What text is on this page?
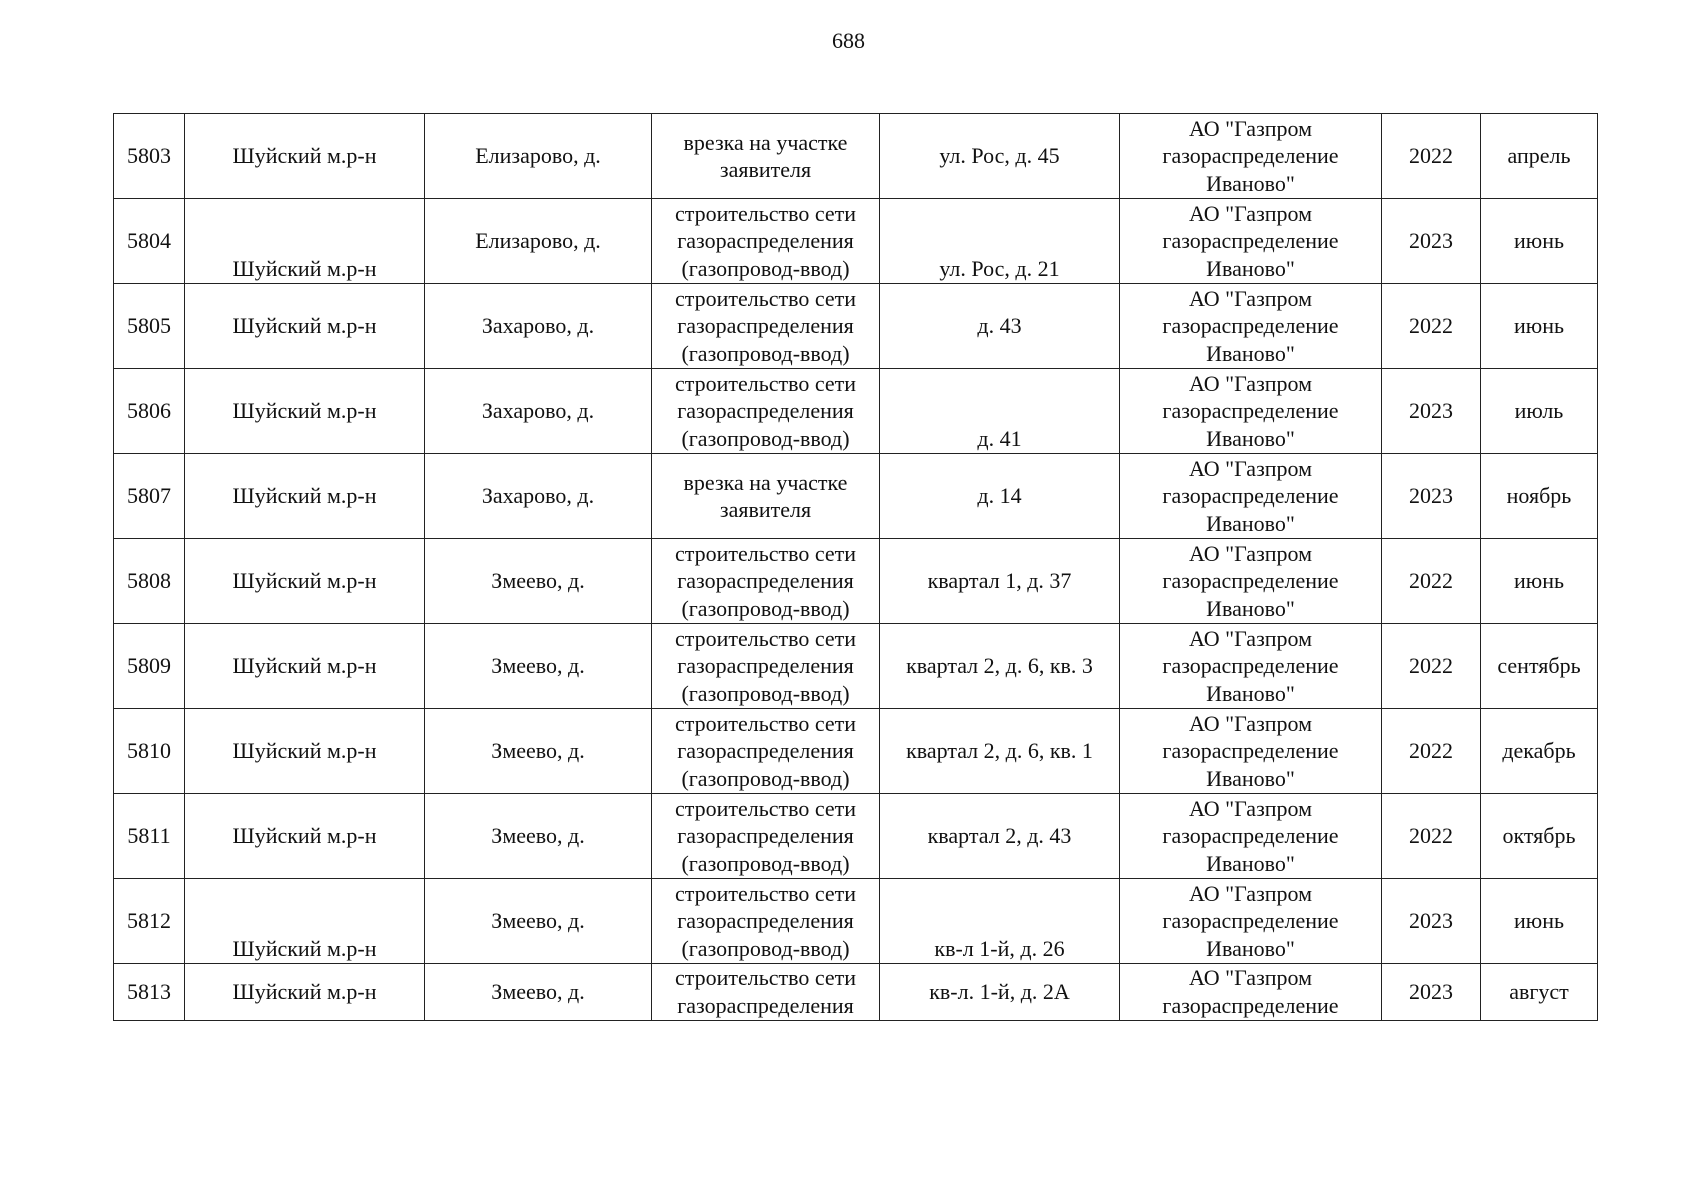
688
5803	Шуйский м.р-н	Елизарово, д.	врезка на участке
заявителя	ул. Рос, д. 45	АО "Газпром
газораспределение
Иваново"	2022	апрель
5804	Шуйский м.р-н	Елизарово, д.	строительство сети
газораспределения
(газопровод-ввод)	ул. Рос, д. 21	АО "Газпром
газораспределение
Иваново"	2023	июнь
5805	Шуйский м.р-н	Захарово, д.	строительство сети
газораспределения
(газопровод-ввод)	д. 43	АО "Газпром
газораспределение
Иваново"	2022	июнь
5806	Шуйский м.р-н	Захарово, д.	строительство сети
газораспределения
(газопровод-ввод)	д. 41	АО "Газпром
газораспределение
Иваново"	2023	июль
5807	Шуйский м.р-н	Захарово, д.	врезка на участке
заявителя	д. 14	АО "Газпром
газораспределение
Иваново"	2023	ноябрь
5808	Шуйский м.р-н	Змеево, д.	строительство сети
газораспределения
(газопровод-ввод)	квартал 1, д. 37	АО "Газпром
газораспределение
Иваново"	2022	июнь
5809	Шуйский м.р-н	Змеево, д.	строительство сети
газораспределения
(газопровод-ввод)	квартал 2, д. 6, кв. 3	АО "Газпром
газораспределение
Иваново"	2022	сентябрь
5810	Шуйский м.р-н	Змеево, д.	строительство сети
газораспределения
(газопровод-ввод)	квартал 2, д. 6, кв. 1	АО "Газпром
газораспределение
Иваново"	2022	декабрь
5811	Шуйский м.р-н	Змеево, д.	строительство сети
газораспределения
(газопровод-ввод)	квартал 2, д. 43	АО "Газпром
газораспределение
Иваново"	2022	октябрь
5812	Шуйский м.р-н	Змеево, д.	строительство сети
газораспределения
(газопровод-ввод)	кв-л 1-й, д. 26	АО "Газпром
газораспределение
Иваново"	2023	июнь
5813	Шуйский м.р-н	Змеево, д.	строительство сети
газораспределения	кв-л. 1-й, д. 2А	АО "Газпром
газораспределение	2023	август
